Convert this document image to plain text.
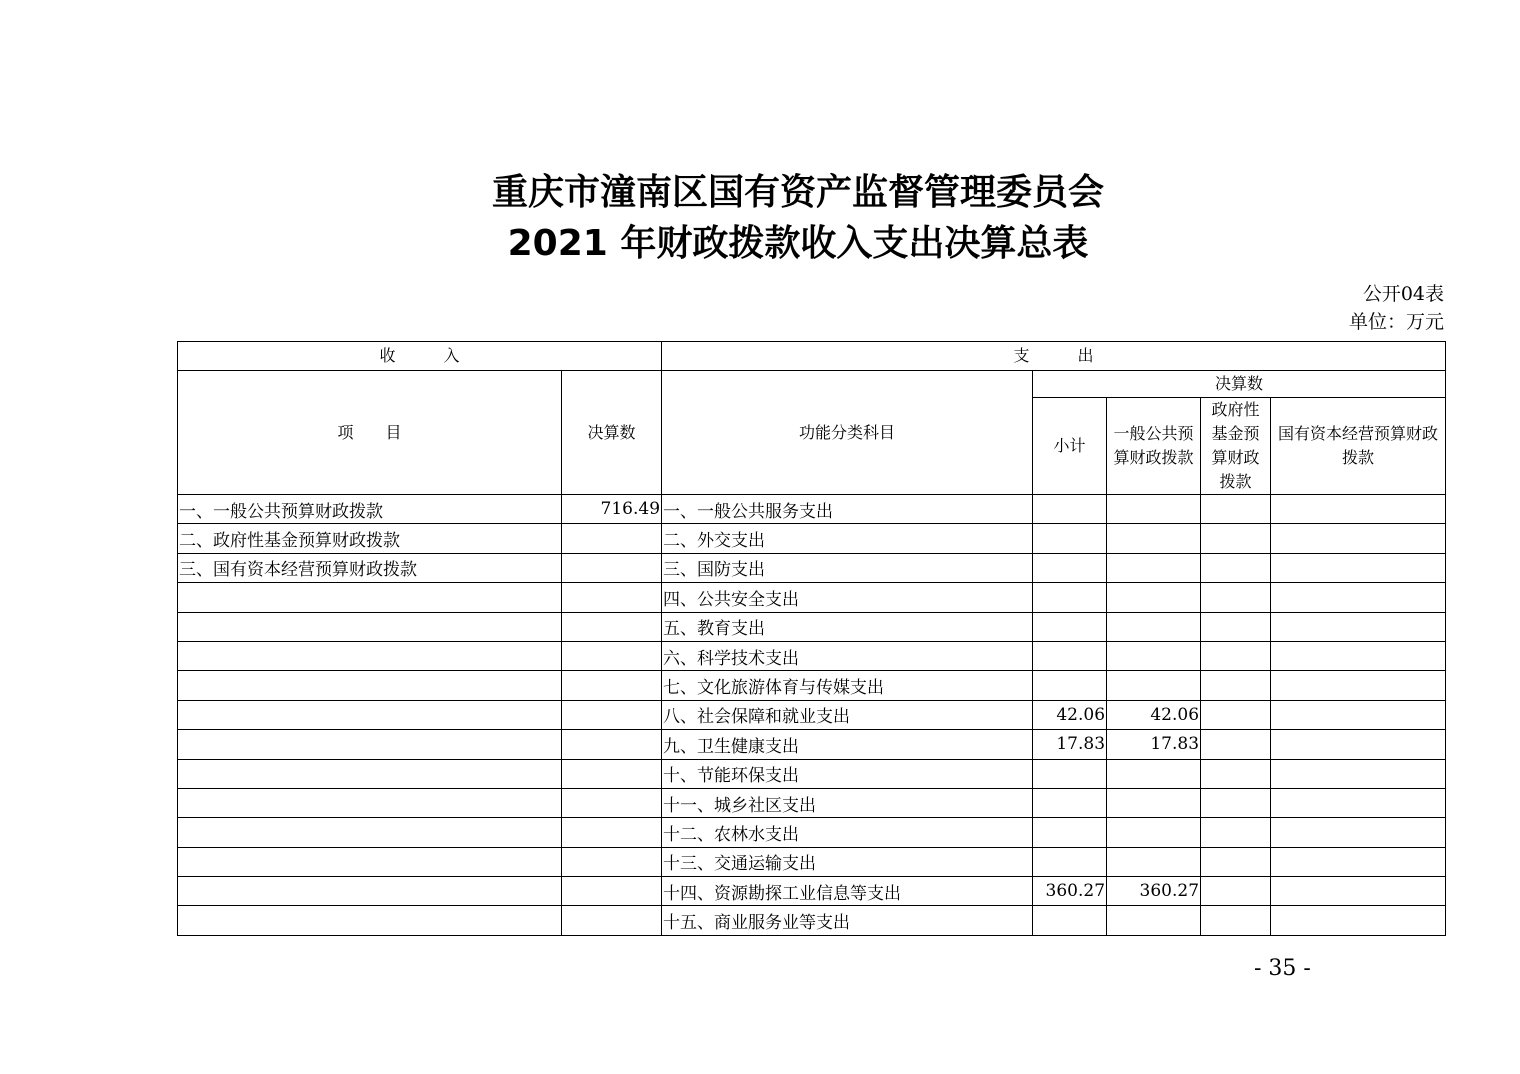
重庆市潼南区国有资产监督管理委员会
2021 年财政拨款收入支出决算总表
公开04表
单位：万元
收　　　入		支　　　出				
项　　目	决算数	功能分类科目	决算数			
			小计	一般公共预算财政拨款	政府性基金预算财政拨款	国有资本经营预算财政拨款
一、一般公共预算财政拨款	716.49	一、一般公共服务支出				
二、政府性基金预算财政拨款		二、外交支出				
三、国有资本经营预算财政拨款		三、国防支出				
		四、公共安全支出				
		五、教育支出				
		六、科学技术支出				
		七、文化旅游体育与传媒支出				
		八、社会保障和就业支出	42.06	42.06		
		九、卫生健康支出	17.83	17.83		
		十、节能环保支出				
		十一、城乡社区支出				
		十二、农林水支出				
		十三、交通运输支出				
		十四、资源勘探工业信息等支出	360.27	360.27		
		十五、商业服务业等支出				
- 35 -
